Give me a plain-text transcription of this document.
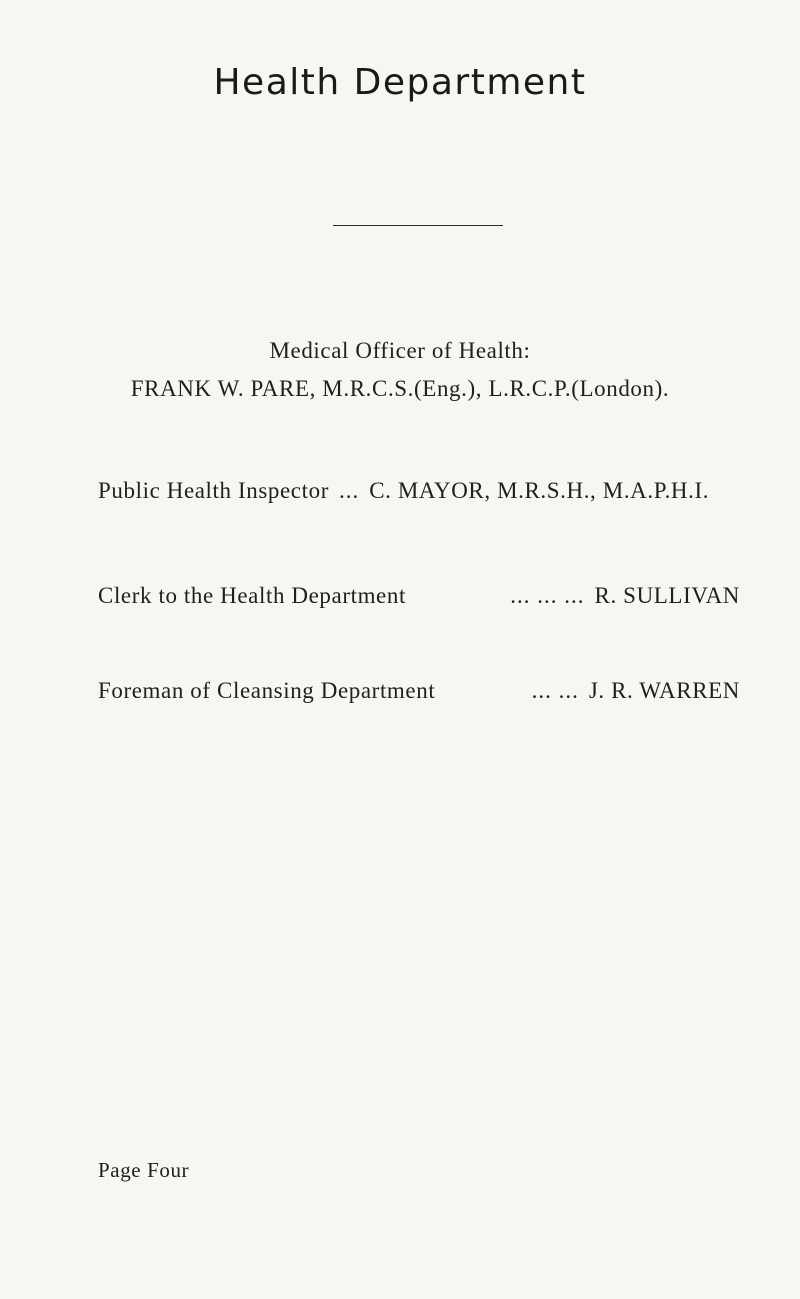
Health Department
Medical Officer of Health:
FRANK W. PARE, M.R.C.S.(Eng.), L.R.C.P.(London).
Public Health Inspector ... C. MAYOR, M.R.S.H., M.A.P.H.I.
Clerk to the Health Department	... ... ... R. SULLIVAN
Foreman of Cleansing Department	... ... J. R. WARREN
Page Four
